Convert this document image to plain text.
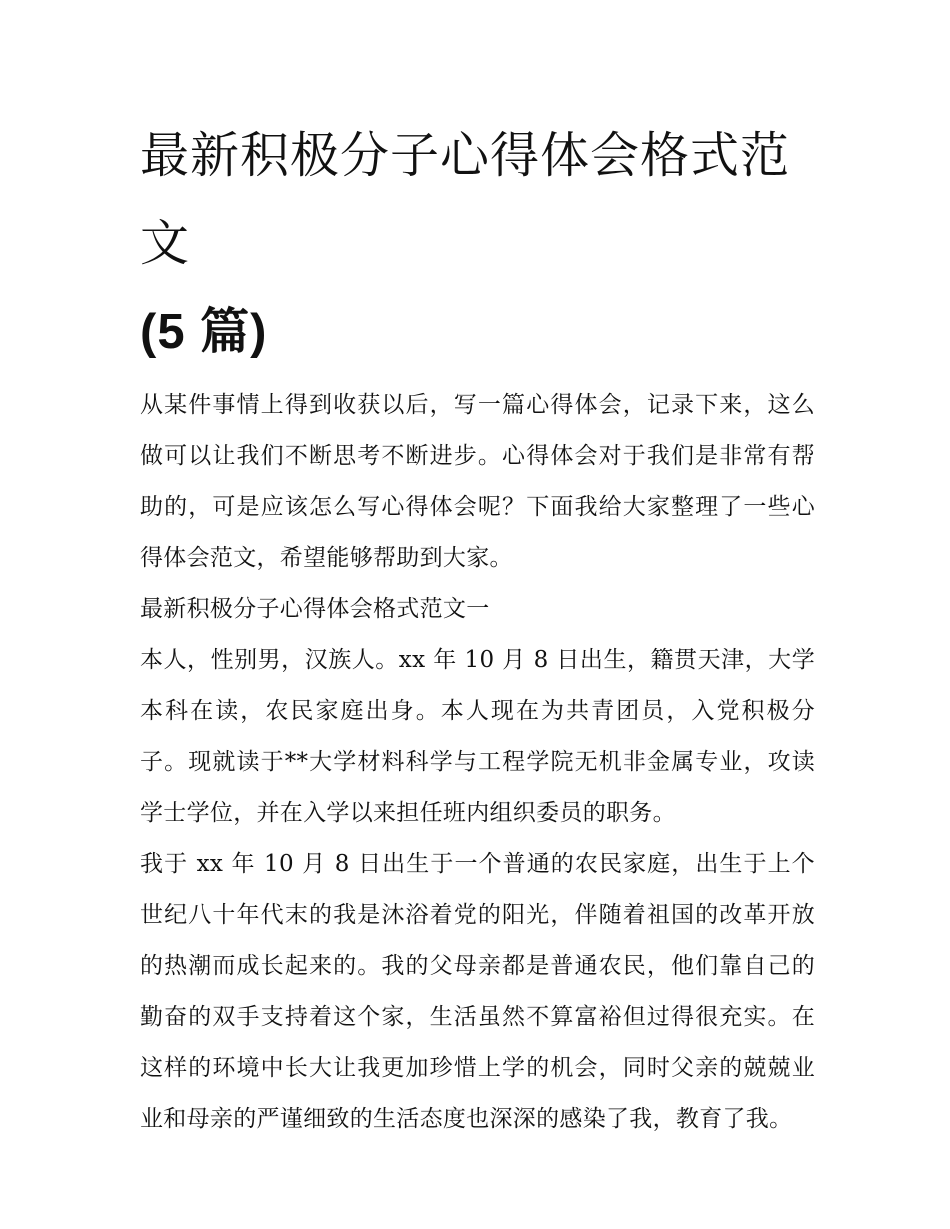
最新积极分子心得体会格式范文
(5 篇)

从某件事情上得到收获以后，写一篇心得体会，记录下来，这么做可以让我们不断思考不断进步。心得体会对于我们是非常有帮助的，可是应该怎么写心得体会呢？下面我给大家整理了一些心得体会范文，希望能够帮助到大家。

最新积极分子心得体会格式范文一

本人，性别男，汉族人。xx 年 10 月 8 日出生，籍贯天津，大学本科在读，农民家庭出身。本人现在为共青团员，入党积极分子。现就读于**大学材料科学与工程学院无机非金属专业，攻读学士学位，并在入学以来担任班内组织委员的职务。

我于 xx 年 10 月 8 日出生于一个普通的农民家庭，出生于上个世纪八十年代末的我是沐浴着党的阳光，伴随着祖国的改革开放的热潮而成长起来的。我的父母亲都是普通农民，他们靠自己的勤奋的双手支持着这个家，生活虽然不算富裕但过得很充实。在这样的环境中长大让我更加珍惜上学的机会，同时父亲的兢兢业业和母亲的严谨细致的生活态度也深深的感染了我，教育了我。
